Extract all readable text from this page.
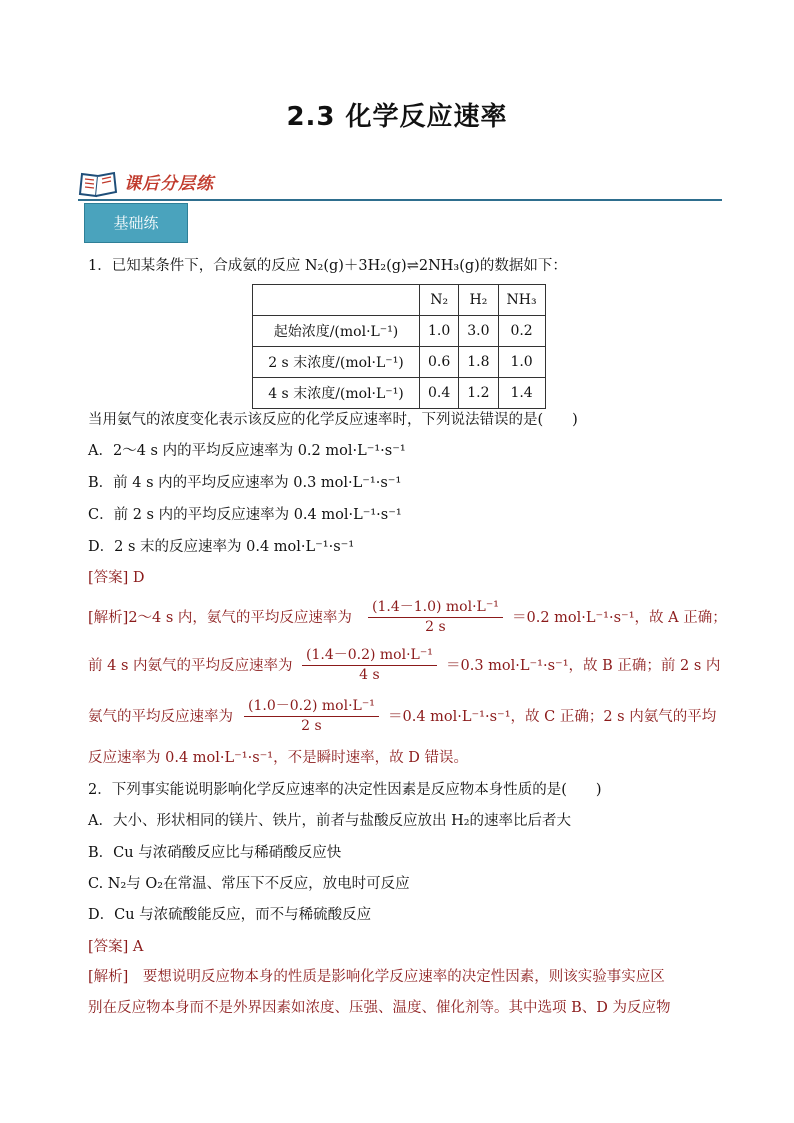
2.3 化学反应速率
课后分层练
基础练
1．已知某条件下，合成氨的反应 N₂(g)＋3H₂(g)⇌2NH₃(g)的数据如下：
	N₂	H₂	NH₃
起始浓度/(mol·L⁻¹)	1.0	3.0	0.2
2 s 末浓度/(mol·L⁻¹)	0.6	1.8	1.0
4 s 末浓度/(mol·L⁻¹)	0.4	1.2	1.4
当用氨气的浓度变化表示该反应的化学反应速率时，下列说法错误的是(　　)
A．2～4 s 内的平均反应速率为 0.2 mol·L⁻¹·s⁻¹
B．前 4 s 内的平均反应速率为 0.3 mol·L⁻¹·s⁻¹
C．前 2 s 内的平均反应速率为 0.4 mol·L⁻¹·s⁻¹
D．2 s 末的反应速率为 0.4 mol·L⁻¹·s⁻¹
[答案] D
[解析]2～4 s 内，氨气的平均反应速率为
(1.4－1.0) mol·L⁻¹
2 s
＝0.2 mol·L⁻¹·s⁻¹，故 A 正确；
前 4 s 内氨气的平均反应速率为
(1.4－0.2) mol·L⁻¹
4 s
＝0.3 mol·L⁻¹·s⁻¹，故 B 正确；前 2 s 内
氨气的平均反应速率为
(1.0－0.2) mol·L⁻¹
2 s
＝0.4 mol·L⁻¹·s⁻¹，故 C 正确；2 s 内氨气的平均
反应速率为 0.4 mol·L⁻¹·s⁻¹，不是瞬时速率，故 D 错误。
2．下列事实能说明影响化学反应速率的决定性因素是反应物本身性质的是(　　)
A．大小、形状相同的镁片、铁片，前者与盐酸反应放出 H₂的速率比后者大
B．Cu 与浓硝酸反应比与稀硝酸反应快
C. N₂与 O₂在常温、常压下不反应，放电时可反应
D．Cu 与浓硫酸能反应，而不与稀硫酸反应
[答案] A
[解析]　要想说明反应物本身的性质是影响化学反应速率的决定性因素，则该实验事实应区
别在反应物本身而不是外界因素如浓度、压强、温度、催化剂等。其中选项 B、D 为反应物
